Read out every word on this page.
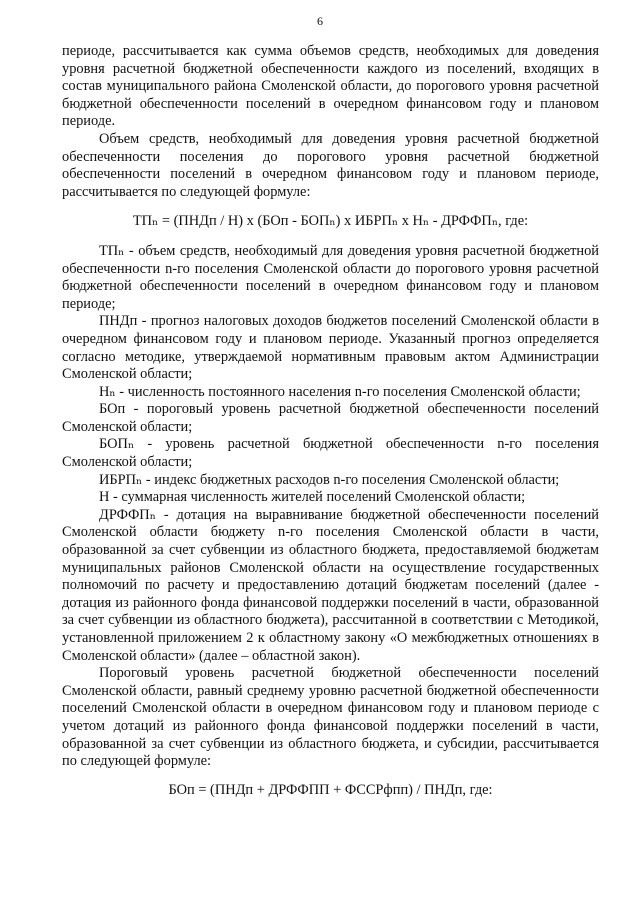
6

периоде, рассчитывается как сумма объемов средств, необходимых для доведения уровня расчетной бюджетной обеспеченности каждого из поселений, входящих в состав муниципального района Смоленской области, до порогового уровня расчетной бюджетной обеспеченности поселений в очередном финансовом году и плановом периоде.

Объем средств, необходимый для доведения уровня расчетной бюджетной обеспеченности поселения до порогового уровня расчетной бюджетной обеспеченности поселений в очередном финансовом году и плановом периоде, рассчитывается по следующей формуле:

ТПₙ = (ПНДп / Н) х (БОп - БОПₙ) х ИБРПₙ х Нₙ - ДРФФПₙ, где:

ТПₙ - объем средств, необходимый для доведения уровня расчетной бюджетной обеспеченности n-го поселения Смоленской области до порогового уровня расчетной бюджетной обеспеченности поселений в очередном финансовом году и плановом периоде;

ПНДп - прогноз налоговых доходов бюджетов поселений Смоленской области в очередном финансовом году и плановом периоде. Указанный прогноз определяется согласно методике, утверждаемой нормативным правовым актом Администрации Смоленской области;

Нₙ - численность постоянного населения n-го поселения Смоленской области;

БОп - пороговый уровень расчетной бюджетной обеспеченности поселений Смоленской области;

БОПₙ - уровень расчетной бюджетной обеспеченности n-го поселения Смоленской области;

ИБРПₙ - индекс бюджетных расходов n-го поселения Смоленской области;

Н - суммарная численность жителей поселений Смоленской области;

ДРФФПₙ - дотация на выравнивание бюджетной обеспеченности поселений Смоленской области бюджету n-го поселения Смоленской области в части, образованной за счет субвенции из областного бюджета, предоставляемой бюджетам муниципальных районов Смоленской области на осуществление государственных полномочий по расчету и предоставлению дотаций бюджетам поселений (далее - дотация из районного фонда финансовой поддержки поселений в части, образованной за счет субвенции из областного бюджета), рассчитанной в соответствии с Методикой, установленной приложением 2 к областному закону «О межбюджетных отношениях в Смоленской области» (далее – областной закон).

Пороговый уровень расчетной бюджетной обеспеченности поселений Смоленской области, равный среднему уровню расчетной бюджетной обеспеченности поселений Смоленской области в очередном финансовом году и плановом периоде с учетом дотаций из районного фонда финансовой поддержки поселений в части, образованной за счет субвенции из областного бюджета, и субсидии, рассчитывается по следующей формуле:

БОп = (ПНДп + ДРФФПП + ФССРфпп) / ПНДп, где:
